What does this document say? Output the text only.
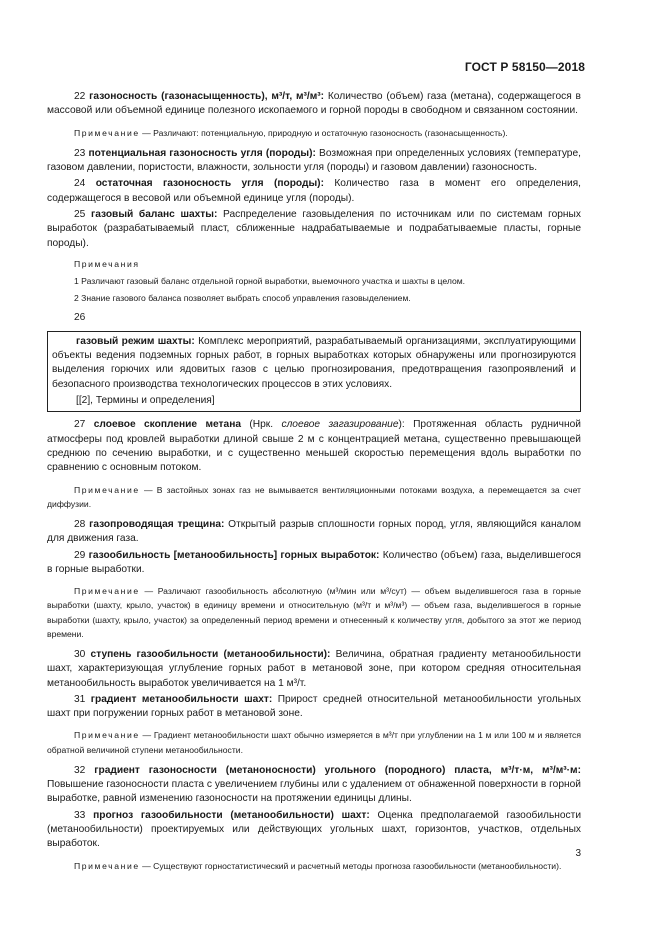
ГОСТ Р 58150—2018

22 газоносность (газонасыщенность), м³/т, м³/м³: Количество (объем) газа (метана), содержащегося в массовой или объемной единице полезного ископаемого и горной породы в свободном и связанном состоянии.

Примечание — Различают: потенциальную, природную и остаточную газоносность (газонасыщенность).

23 потенциальная газоносность угля (породы): Возможная при определенных условиях (температуре, газовом давлении, пористости, влажности, зольности угля (породы) и газовом давлении) газоносность.

24 остаточная газоносность угля (породы): Количество газа в момент его определения, содержащегося в весовой или объемной единице угля (породы).

25 газовый баланс шахты: Распределение газовыделения по источникам или по системам горных выработок (разрабатываемый пласт, сближенные надрабатываемые и подрабатываемые пласты, горные породы).

Примечания
1 Различают газовый баланс отдельной горной выработки, выемочного участка и шахты в целом.
2 Знание газового баланса позволяет выбрать способ управления газовыделением.
26

газовый режим шахты: Комплекс мероприятий, разрабатываемый организациями, эксплуатирующими объекты ведения подземных горных работ, в горных выработках которых обнаружены или прогнозируются выделения горючих или ядовитых газов с целью прогнозирования, предотвращения газопроявлений и безопасного производства технологических процессов в этих условиях.

[[2], Термины и определения]

27 слоевое скопление метана (Нрк. слоевое загазирование): Протяженная область рудничной атмосферы под кровлей выработки длиной свыше 2 м с концентрацией метана, существенно превышающей среднюю по сечению выработки, и с существенно меньшей скоростью перемещения вдоль выработки по сравнению с основным потоком.

Примечание — В застойных зонах газ не вымывается вентиляционными потоками воздуха, а перемещается за счет диффузии.

28 газопроводящая трещина: Открытый разрыв сплошности горных пород, угля, являющийся каналом для движения газа.

29 газообильность [метанообильность] горных выработок: Количество (объем) газа, выделившегося в горные выработки.

Примечание — Различают газообильность абсолютную (м³/мин или м³/сут) — объем выделившегося газа в горные выработки (шахту, крыло, участок) в единицу времени и относительную (м³/т и м³/м³) — объем газа, выделившегося в горные выработки (шахту, крыло, участок) за определенный период времени и отнесенный к количеству угля, добытого за этот же период времени.

30 ступень газообильности (метанообильности): Величина, обратная градиенту метанообильности шахт, характеризующая углубление горных работ в метановой зоне, при котором средняя относительная метанообильность выработок увеличивается на 1 м³/т.

31 градиент метанообильности шахт: Прирост средней относительной метанообильности угольных шахт при погружении горных работ в метановой зоне.

Примечание — Градиент метанообильности шахт обычно измеряется в м³/т при углублении на 1 м или 100 м и является обратной величиной ступени метанообильности.

32 градиент газоносности (метаноносности) угольного (породного) пласта, м³/т·м, м³/м³·м: Повышение газоносности пласта с увеличением глубины или с удалением от обнаженной поверхности в горной выработке, равной изменению газоносности на протяжении единицы длины.

33 прогноз газообильности (метанообильности) шахт: Оценка предполагаемой газообильности (метанообильности) проектируемых или действующих угольных шахт, горизонтов, участков, отдельных выработок.

Примечание — Существуют горностатистический и расчетный методы прогноза газообильности (метанообильности).

3
